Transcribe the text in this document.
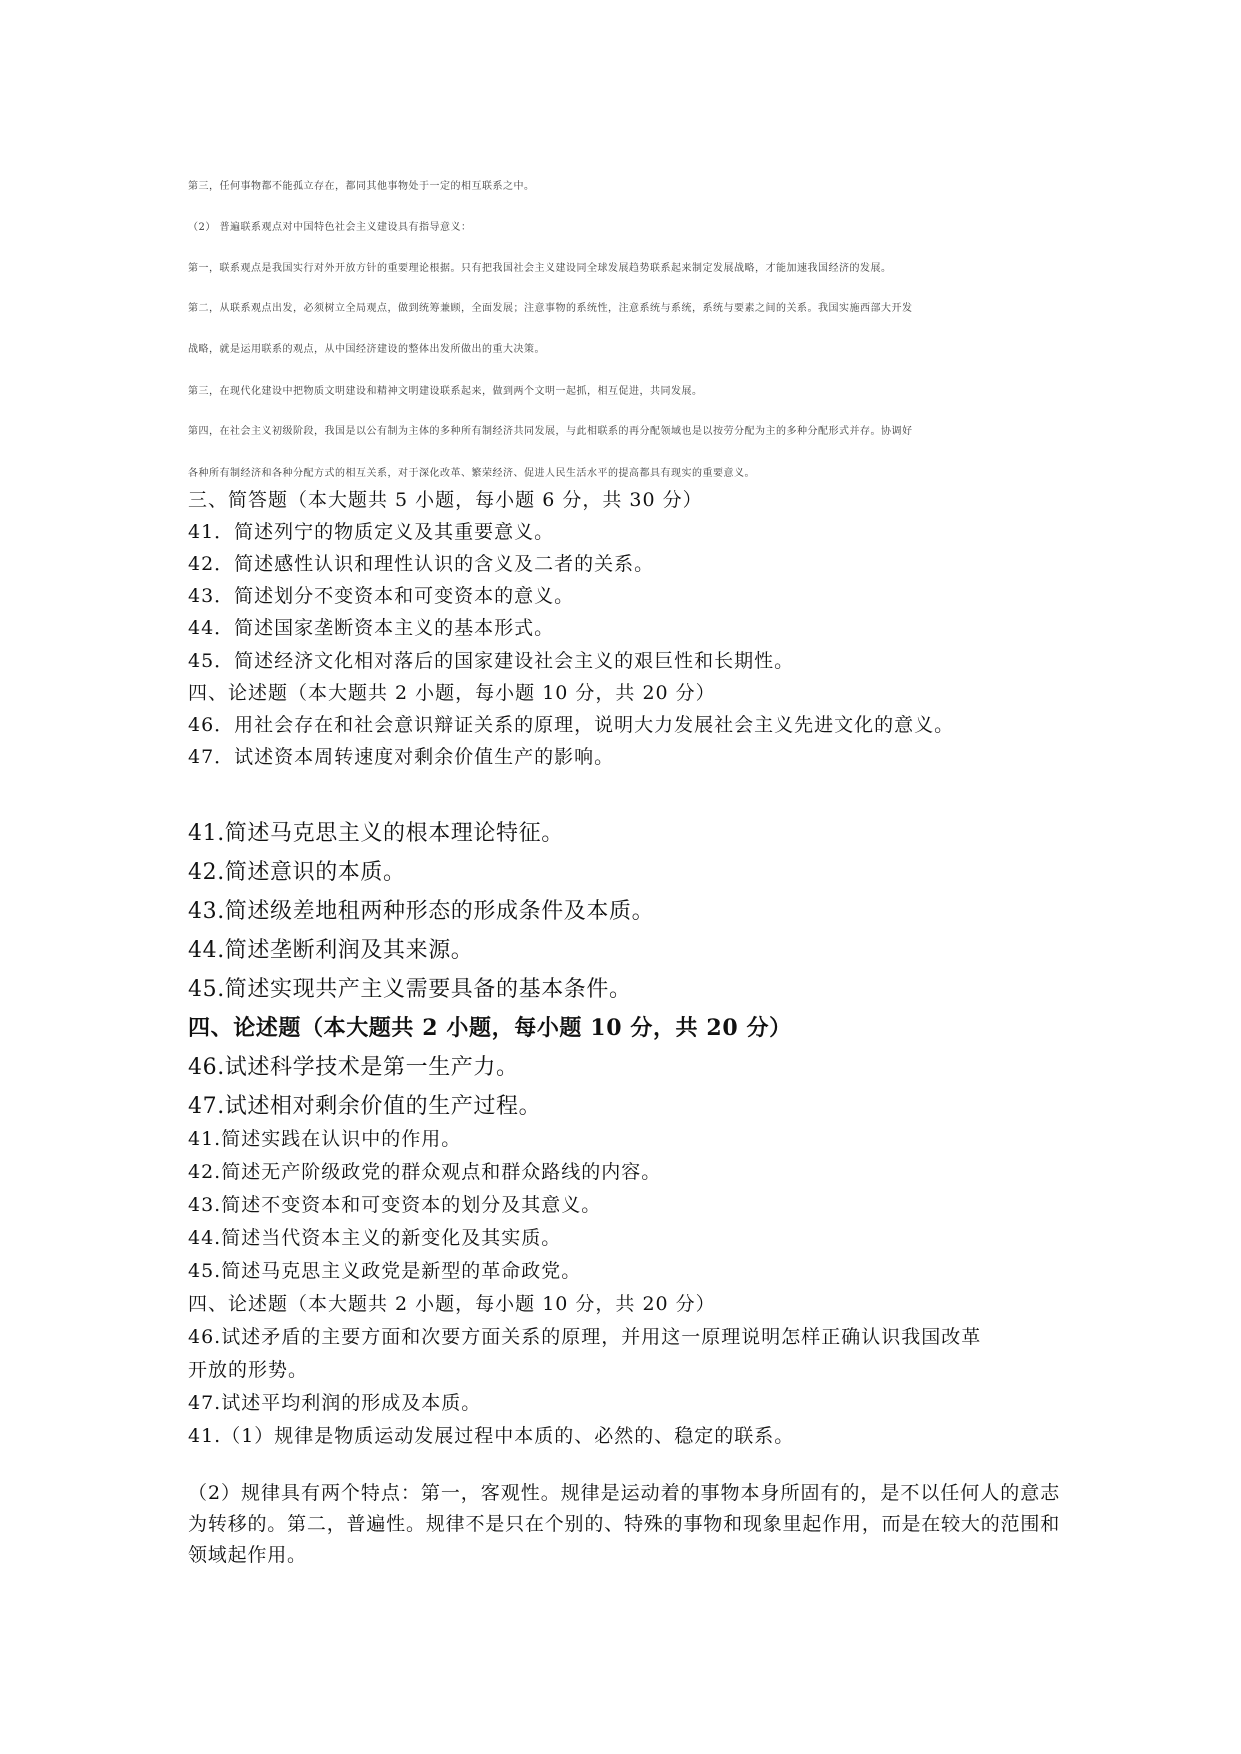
第三，任何事物都不能孤立存在，都同其他事物处于一定的相互联系之中。
（2） 普遍联系观点对中国特色社会主义建设具有指导意义：
第一，联系观点是我国实行对外开放方针的重要理论根据。只有把我国社会主义建设同全球发展趋势联系起来制定发展战略，才能加速我国经济的发展。
第二，从联系观点出发，必须树立全局观点，做到统筹兼顾，全面发展；注意事物的系统性，注意系统与系统，系统与要素之间的关系。我国实施西部大开发
战略，就是运用联系的观点，从中国经济建设的整体出发所做出的重大决策。
第三，在现代化建设中把物质文明建设和精神文明建设联系起来，做到两个文明一起抓，相互促进，共同发展。
第四，在社会主义初级阶段，我国是以公有制为主体的多种所有制经济共同发展，与此相联系的再分配领域也是以按劳分配为主的多种分配形式并存。协调好
各种所有制经济和各种分配方式的相互关系，对于深化改革、繁荣经济、促进人民生活水平的提高都具有现实的重要意义。
三、简答题（本大题共 5 小题，每小题 6 分，共 30 分）
41．简述列宁的物质定义及其重要意义。
42．简述感性认识和理性认识的含义及二者的关系。
43．简述划分不变资本和可变资本的意义。
44．简述国家垄断资本主义的基本形式。
45．简述经济文化相对落后的国家建设社会主义的艰巨性和长期性。
四、论述题（本大题共 2 小题，每小题 10 分，共 20 分）
46．用社会存在和社会意识辩证关系的原理，说明大力发展社会主义先进文化的意义。
47．试述资本周转速度对剩余价值生产的影响。
41.简述马克思主义的根本理论特征。
42.简述意识的本质。
43.简述级差地租两种形态的形成条件及本质。
44.简述垄断利润及其来源。
45.简述实现共产主义需要具备的基本条件。
四、论述题（本大题共 2 小题，每小题 10 分，共 20 分）
46.试述科学技术是第一生产力。
47.试述相对剩余价值的生产过程。
41.简述实践在认识中的作用。
42.简述无产阶级政党的群众观点和群众路线的内容。
43.简述不变资本和可变资本的划分及其意义。
44.简述当代资本主义的新变化及其实质。
45.简述马克思主义政党是新型的革命政党。
四、论述题（本大题共 2 小题，每小题 10 分，共 20 分）
46.试述矛盾的主要方面和次要方面关系的原理，并用这一原理说明怎样正确认识我国改革
开放的形势。
47.试述平均利润的形成及本质。
41.（1）规律是物质运动发展过程中本质的、必然的、稳定的联系。
（2）规律具有两个特点：第一，客观性。规律是运动着的事物本身所固有的，是不以任何人的意志为转移的。第二，普遍性。规律不是只在个别的、特殊的事物和现象里起作用，而是在较大的范围和领域起作用。
